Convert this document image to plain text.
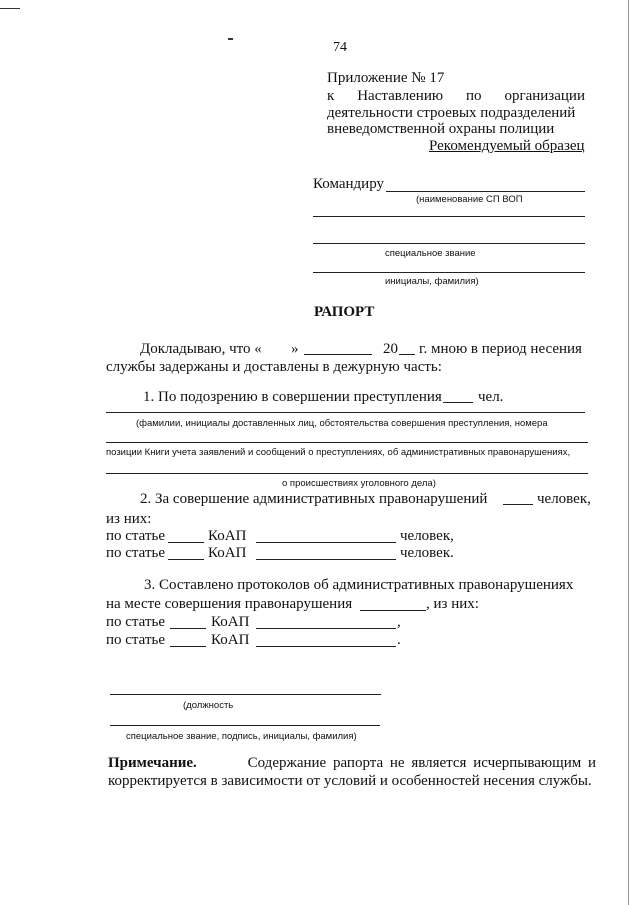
74
Приложение № 17
к Наставлению по организации
деятельности строевых подразделений
вневедомственной охраны полиции
Рекомендуемый образец
Командиру
(наименование СП ВОП
специальное звание
инициалы, фамилия)
РАПОРТ
Докладываю, что « »	20 г. мною в период несения
службы задержаны и доставлены в дежурную часть:
1. По подозрению в совершении преступления чел.
(фамилии, инициалы доставленных лиц, обстоятельства совершения преступления, номера
позиции Книги учета заявлений и сообщений о преступлениях, об административных правонарушениях,
о происшествиях уголовного дела)
2. За совершение административных правонарушений	человек,
из них:
по статье	КоАП	человек,
по статье	КоАП	человек.
3. Составлено протоколов об административных правонарушениях
на месте совершения правонарушения	, из них:
по статье	КоАП	,
по статье	КоАП	.
(должность
специальное звание, подпись, инициалы, фамилия)
Примечание.	Содержание рапорта не является исчерпывающим и
корректируется в зависимости от условий и особенностей несения службы.
